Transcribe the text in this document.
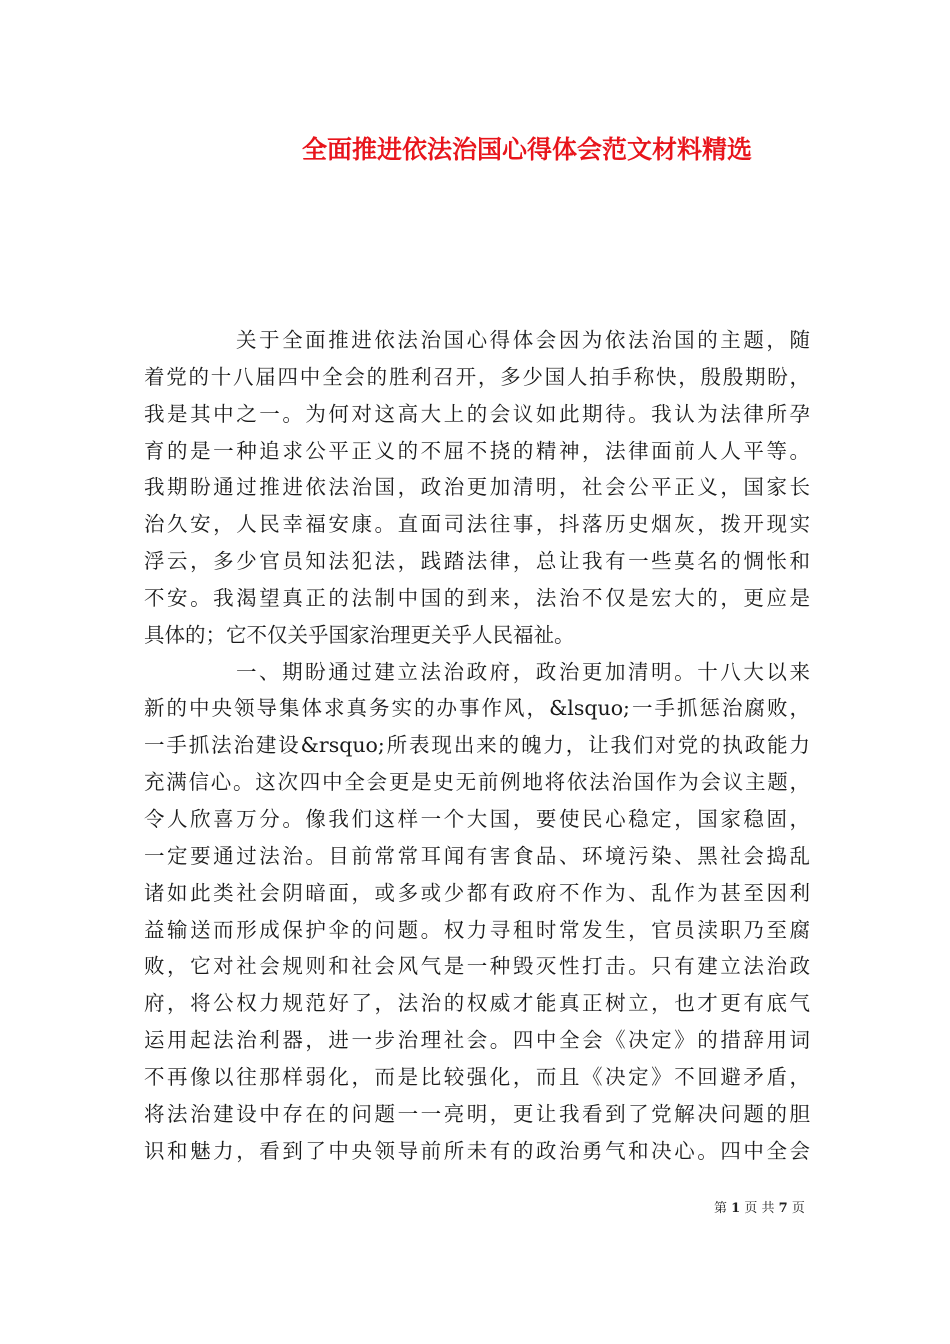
全面推进依法治国心得体会范文材料精选
关于全面推进依法治国心得体会因为依法治国的主题，随
着党的十八届四中全会的胜利召开，多少国人拍手称快，殷殷期盼，
我是其中之一。为何对这高大上的会议如此期待。我认为法律所孕
育的是一种追求公平正义的不屈不挠的精神，法律面前人人平等。
我期盼通过推进依法治国，政治更加清明，社会公平正义，国家长
治久安，人民幸福安康。直面司法往事，抖落历史烟灰，拨开现实
浮云，多少官员知法犯法，践踏法律，总让我有一些莫名的惆怅和
不安。我渴望真正的法制中国的到来，法治不仅是宏大的，更应是
具体的；它不仅关乎国家治理更关乎人民福祉。
一、期盼通过建立法治政府，政治更加清明。十八大以来
新的中央领导集体求真务实的办事作风，&lsquo;一手抓惩治腐败，
一手抓法治建设&rsquo;所表现出来的魄力，让我们对党的执政能力
充满信心。这次四中全会更是史无前例地将依法治国作为会议主题，
令人欣喜万分。像我们这样一个大国，要使民心稳定，国家稳固，
一定要通过法治。目前常常耳闻有害食品、环境污染、黑社会捣乱
诸如此类社会阴暗面，或多或少都有政府不作为、乱作为甚至因利
益输送而形成保护伞的问题。权力寻租时常发生，官员渎职乃至腐
败，它对社会规则和社会风气是一种毁灭性打击。只有建立法治政
府，将公权力规范好了，法治的权威才能真正树立，也才更有底气
运用起法治利器，进一步治理社会。四中全会《决定》的措辞用词
不再像以往那样弱化，而是比较强化，而且《决定》不回避矛盾，
将法治建设中存在的问题一一亮明，更让我看到了党解决问题的胆
识和魅力，看到了中央领导前所未有的政治勇气和决心。四中全会
第 1 页 共 7 页
